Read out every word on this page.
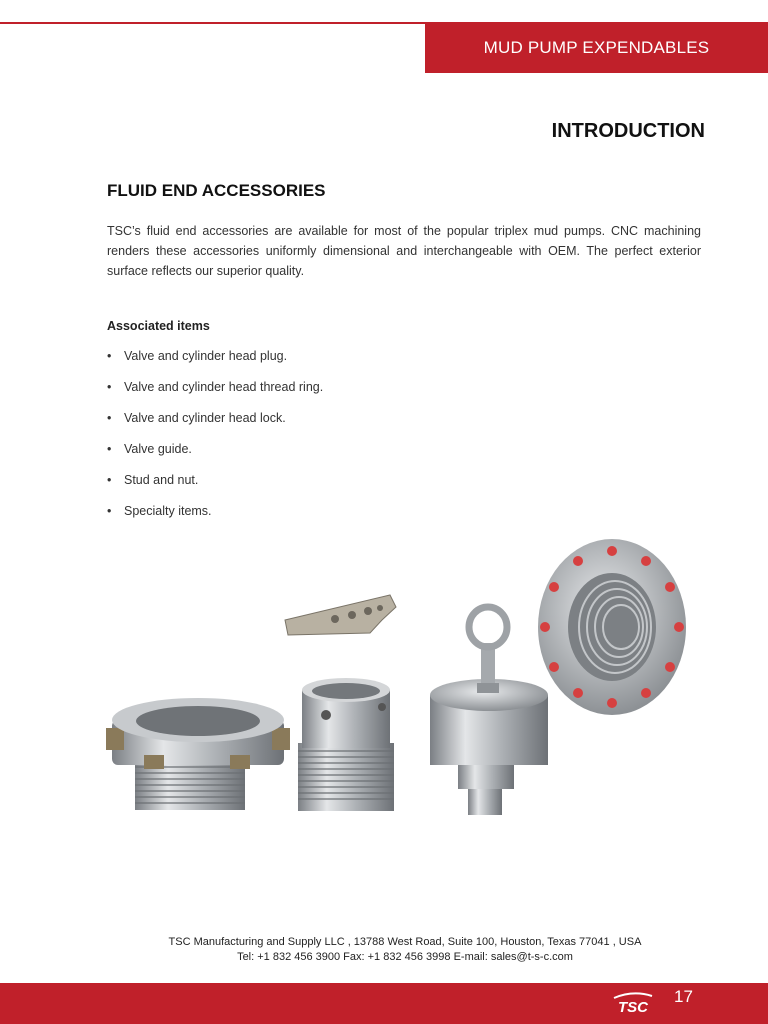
MUD PUMP EXPENDABLES
INTRODUCTION
FLUID END ACCESSORIES

TSC’s fluid end accessories are available for most of the popular triplex mud pumps. CNC machining renders these accessories uniformly dimensional and interchangeable with OEM. The perfect exterior surface reflects our superior quality.

Associated items
•	Valve and cylinder head plug.
•	Valve and cylinder head thread ring.
•	Valve and cylinder head lock.
•	Valve guide.
•	Stud and nut.
•	Specialty items.
TSC Manufacturing and Supply LLC , 13788 West Road, Suite 100, Houston, Texas 77041 , USA
Tel: +1 832 456 3900 Fax: +1 832 456 3998 E-mail: sales@t-s-c.com
TSC
17
